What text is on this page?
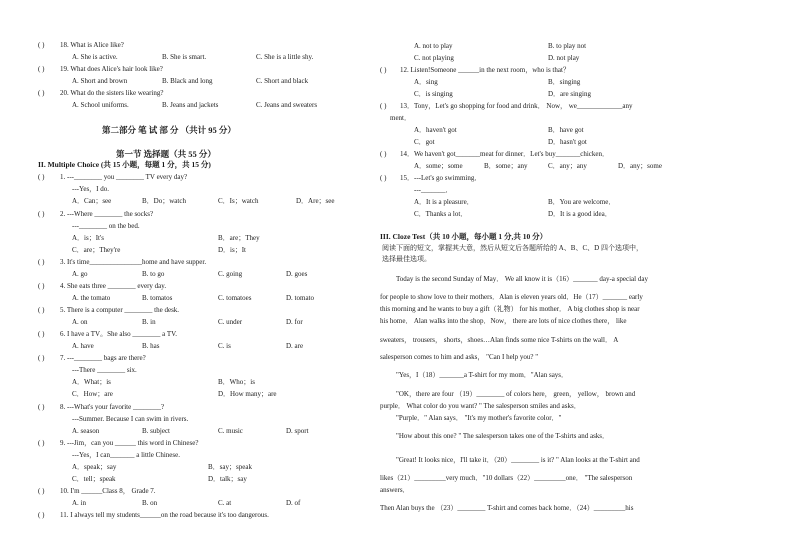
( ) 18. What is Alice like?
A. She is active.	B. She is smart.	C. She is a little shy.
( ) 19. What does Alice's hair look like?
A. Short and brown	B. Black and long	C. Short and black
( ) 20. What do the sisters like wearing?
A. School uniforms.	B. Jeans and jackets	C. Jeans and sweaters
第二部分 笔 试 部 分 （共计 95 分）
第一节 选择题（共 55 分）
II. Multiple Choice (共 15 小题，每题 1 分，共 15 分)
( ) 1. ---________ you ________ TV every day?
---Yes，I do.
A．Can；see	B．Do；watch	C．Is；watch	D．Are；see
( ) 2. ---Where ________ the socks?
---________ on the bed.
A．is；It's	B．are；They
C．are；They're	D．is；It
( ) 3. It's time_______________home and have supper.
A. go	B. to go	C. going	D. goes
( ) 4. She eats three ________ every day.
A. the tomato	B. tomatos	C. tomatoes	D. tomato
( ) 5. There is a computer ________ the desk.
A. on	B. in	C. under	D. for
( ) 6. I have a TV。She also ________ a TV.
A. have	B. has	C. is	D. are
( ) 7. ---________ bags are there?
---There ________ six.
A．What；is	B．Who；is
C．How；are	D．How many；are
( ) 8. ---What's your favorite ________?
---Summer. Because I can swim in rivers.
A. season	B. subject	C. music	D. sport
( ) 9. ---Jim，can you ______ this word in Chinese?
---Yes，I can_______ a little Chinese.
A．speak；say	B．say；speak
C．tell；speak	D．talk；say
( ) 10. I'm ______Class 8， Grade 7.
A. in	B. on	C. at	D. of
( ) 11. I always tell my students______on the road because it's too dangerous.
A. not to play	B. to play not
C. not playing	D. not play
( ) 12. Listen!Someone ______in the next room，who is that？
A．sing	B．singing
C．is singing	D．are singing
( ) 13．Tony，Let's go shopping for food and drink． Now， we_____________any
ment．
A．haven't got	B．have got
C．got	D．hasn't got
( ) 14．We haven't got_______meat for dinner．Let's buy_______chicken．
A．some；some	B．some；any	C．any；any	D．any；some
( ) 15．---Let's go swimming．
---_______．
A．It is a pleasure．	B．You are welcome．
C．Thanks a lot．	D．It is a good idea．
III. Cloze Test（共 10 小题，每小题 1 分,共 10 分）
阅读下面的短文，掌握其大意，然后从短文后各题所给的 A、B、C、D 四个选项中，
选择最佳选项。
Today is the second Sunday of May． We all know it is（16）_______ day-a special day
for people to show love to their mothers．Alan is eleven years old．He（17）_______ early
this morning and he wants to buy a gift（礼物） for his mother． A big clothes shop is near
his home． Alan walks into the shop．Now， there are lots of nice clothes there， like
sweaters， trousers， shorts，shoes…Alan finds some nice T-shirts on the wall． A
salesperson comes to him and asks， "Can I help you? "
"Yes，I（18）_______a T-shirt for my mom．"Alan says．
"OK，there are four （19）________ of colors here， green， yellow， brown and
purple． What color do you want? " The salesperson smiles and asks．
"Purple．" Alan says． "It's my mother's favorite color．"
"How about this one? " The salesperson takes one of the T-shirts and asks．
"Great! It looks nice，I'll take it．（20）________ is it? " Alan looks at the T-shirt and
likes（21）_________very much．"10 dollars（22）_________one． "The salesperson
answers．
Then Alan buys the （23）________ T-shirt and comes back home．（24）_________his
